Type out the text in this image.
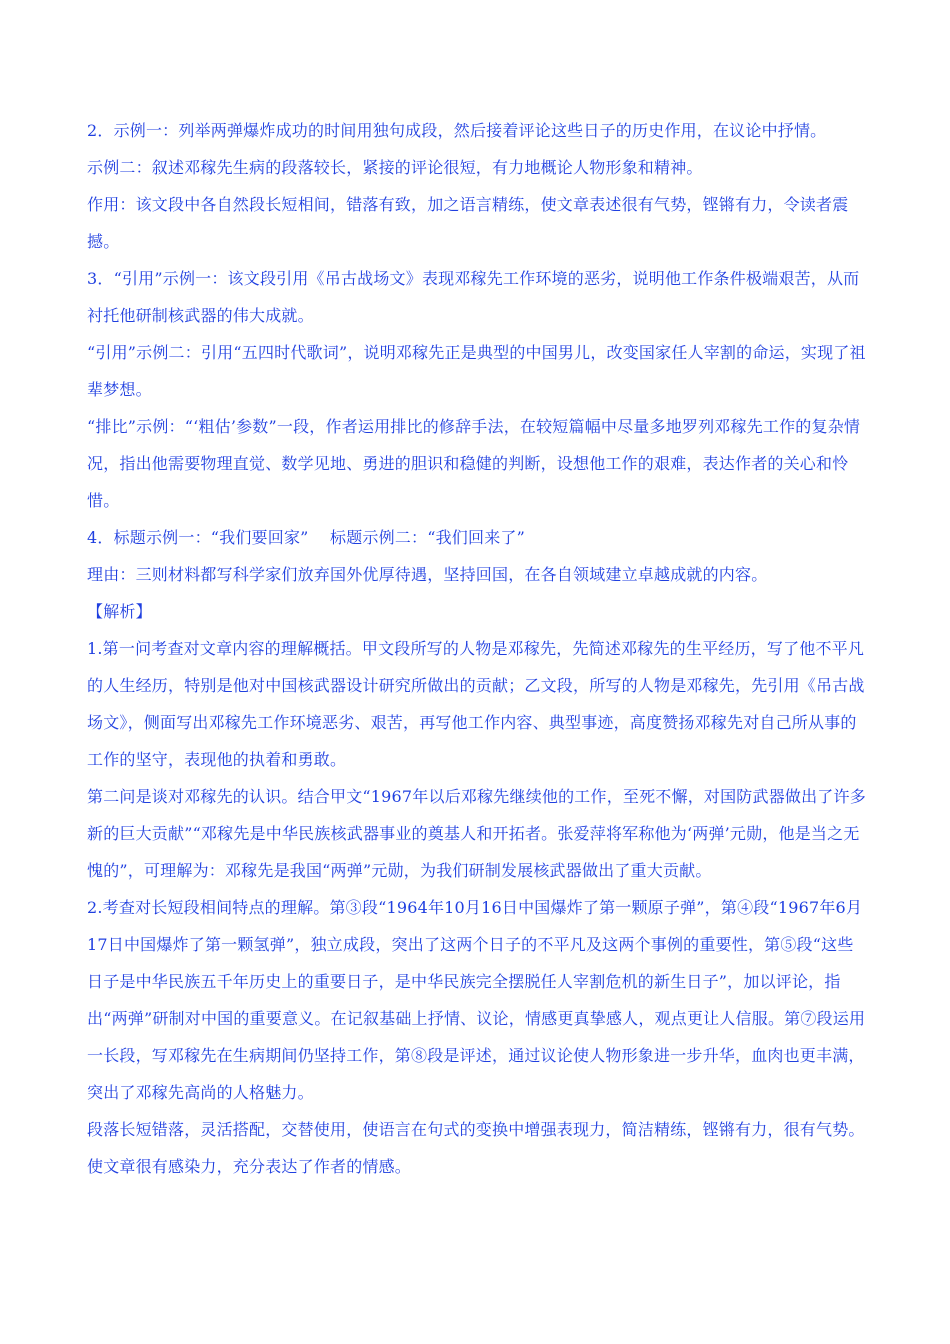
2．示例一：列举两弹爆炸成功的时间用独句成段，然后接着评论这些日子的历史作用，在议论中抒情。

示例二：叙述邓稼先生病的段落较长，紧接的评论很短，有力地概论人物形象和精神。

作用：该文段中各自然段长短相间，错落有致，加之语言精练，使文章表述很有气势，铿锵有力，令读者震撼。

3．“引用”示例一：该文段引用《吊古战场文》表现邓稼先工作环境的恶劣，说明他工作条件极端艰苦，从而衬托他研制核武器的伟大成就。

“引用”示例二：引用“五四时代歌词”，说明邓稼先正是典型的中国男儿，改变国家任人宰割的命运，实现了祖辈梦想。

“排比”示例：“‘粗估’参数”一段，作者运用排比的修辞手法，在较短篇幅中尽量多地罗列邓稼先工作的复杂情况，指出他需要物理直觉、数学见地、勇进的胆识和稳健的判断，设想他工作的艰难，表达作者的关心和怜惜。

4．标题示例一：“我们要回家”　 标题示例二：“我们回来了”

理由：三则材料都写科学家们放弃国外优厚待遇，坚持回国，在各自领域建立卓越成就的内容。

【解析】

1.第一问考查对文章内容的理解概括。甲文段所写的人物是邓稼先，先简述邓稼先的生平经历，写了他不平凡的人生经历，特别是他对中国核武器设计研究所做出的贡献；乙文段，所写的人物是邓稼先，先引用《吊古战场文》，侧面写出邓稼先工作环境恶劣、艰苦，再写他工作内容、典型事迹，高度赞扬邓稼先对自己所从事的工作的坚守，表现他的执着和勇敢。

第二问是谈对邓稼先的认识。结合甲文“1967年以后邓稼先继续他的工作，至死不懈，对国防武器做出了许多新的巨大贡献”“邓稼先是中华民族核武器事业的奠基人和开拓者。张爱萍将军称他为‘两弹’元勋，他是当之无愧的”，可理解为：邓稼先是我国“两弹”元勋，为我们研制发展核武器做出了重大贡献。

2.考查对长短段相间特点的理解。第③段“1964年10月16日中国爆炸了第一颗原子弹”，第④段“1967年6月17日中国爆炸了第一颗氢弹”，独立成段，突出了这两个日子的不平凡及这两个事例的重要性，第⑤段“这些日子是中华民族五千年历史上的重要日子，是中华民族完全摆脱任人宰割危机的新生日子”，加以评论，指出“两弹”研制对中国的重要意义。在记叙基础上抒情、议论，情感更真挚感人，观点更让人信服。第⑦段运用一长段，写邓稼先在生病期间仍坚持工作，第⑧段是评述，通过议论使人物形象进一步升华，血肉也更丰满，突出了邓稼先高尚的人格魅力。

段落长短错落，灵活搭配，交替使用，使语言在句式的变换中增强表现力，简洁精练，铿锵有力，很有气势。使文章很有感染力，充分表达了作者的情感。
